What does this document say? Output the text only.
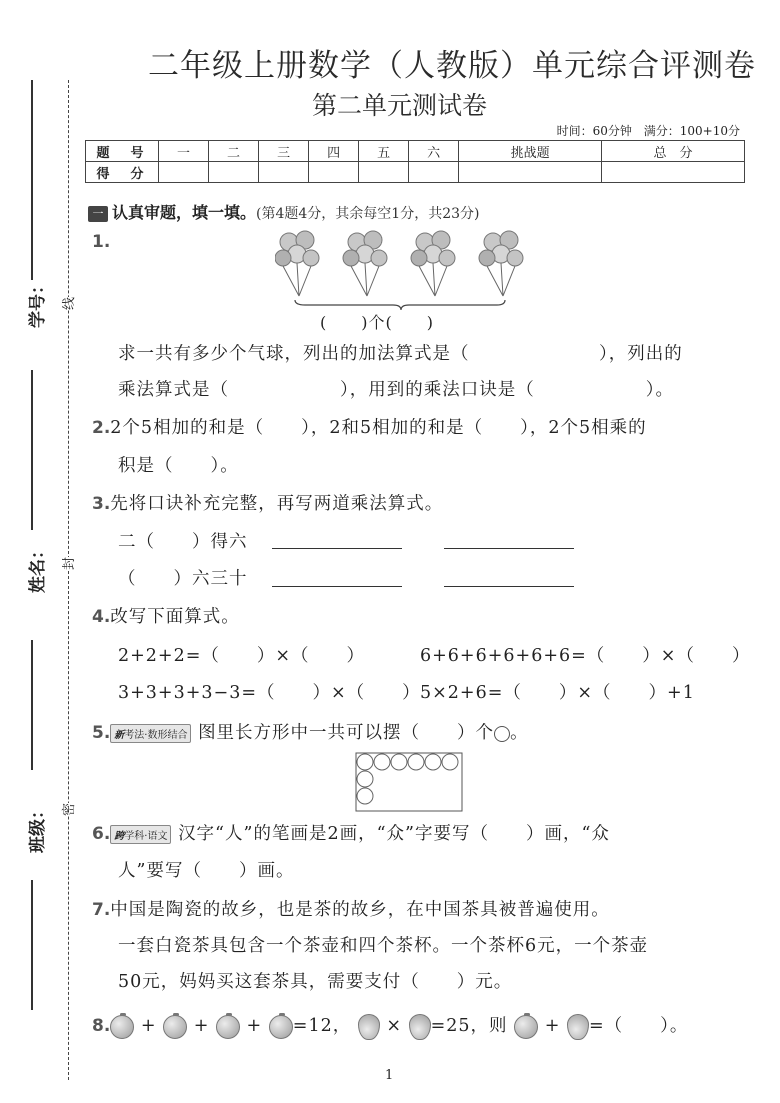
学号：
姓名：
班级：
线
封
密
二年级上册数学（人教版）单元综合评测卷
第二单元测试卷
时间：60分钟 满分：100+10分
题　号	一	二	三	四	五	六	挑战题	总　分
得　分								
一 认真审题，填一填。(第4题4分，其余每空1分，共23分)
1.
(　　)个(　　)
求一共有多少个气球，列出的加法算式是（　　　　　　　），列出的
乘法算式是（　　　　　　），用到的乘法口诀是（　　　　　　）。
2.2个5相加的和是（　　），2和5相加的和是（　　），2个5相乘的
积是（　　）。
3.先将口诀补充完整，再写两道乘法算式。
二（　　）得六
（　　）六三十
4.改写下面算式。
2+2+2=（　　）×（　　）	6+6+6+6+6+6=（　　）×（　　）
3+3+3+3−3=（　　）×（　　） 5×2+6=（　　）×（　　）+1
5. 新考法·数形结合 图里长方形中一共可以摆（　　）个 。
6. 跨学科·语文 汉字“人”的笔画是2画，“众”字要写（　　）画，“众
人”要写（　　）画。
7.中国是陶瓷的故乡，也是茶的故乡，在中国茶具被普遍使用。
一套白瓷茶具包含一个茶壶和四个茶杯。一个茶杯6元，一个茶壶
50元，妈妈买这套茶具，需要支付（　　）元。
8. + + + =12， × =25，则 + =（　　）。
1
